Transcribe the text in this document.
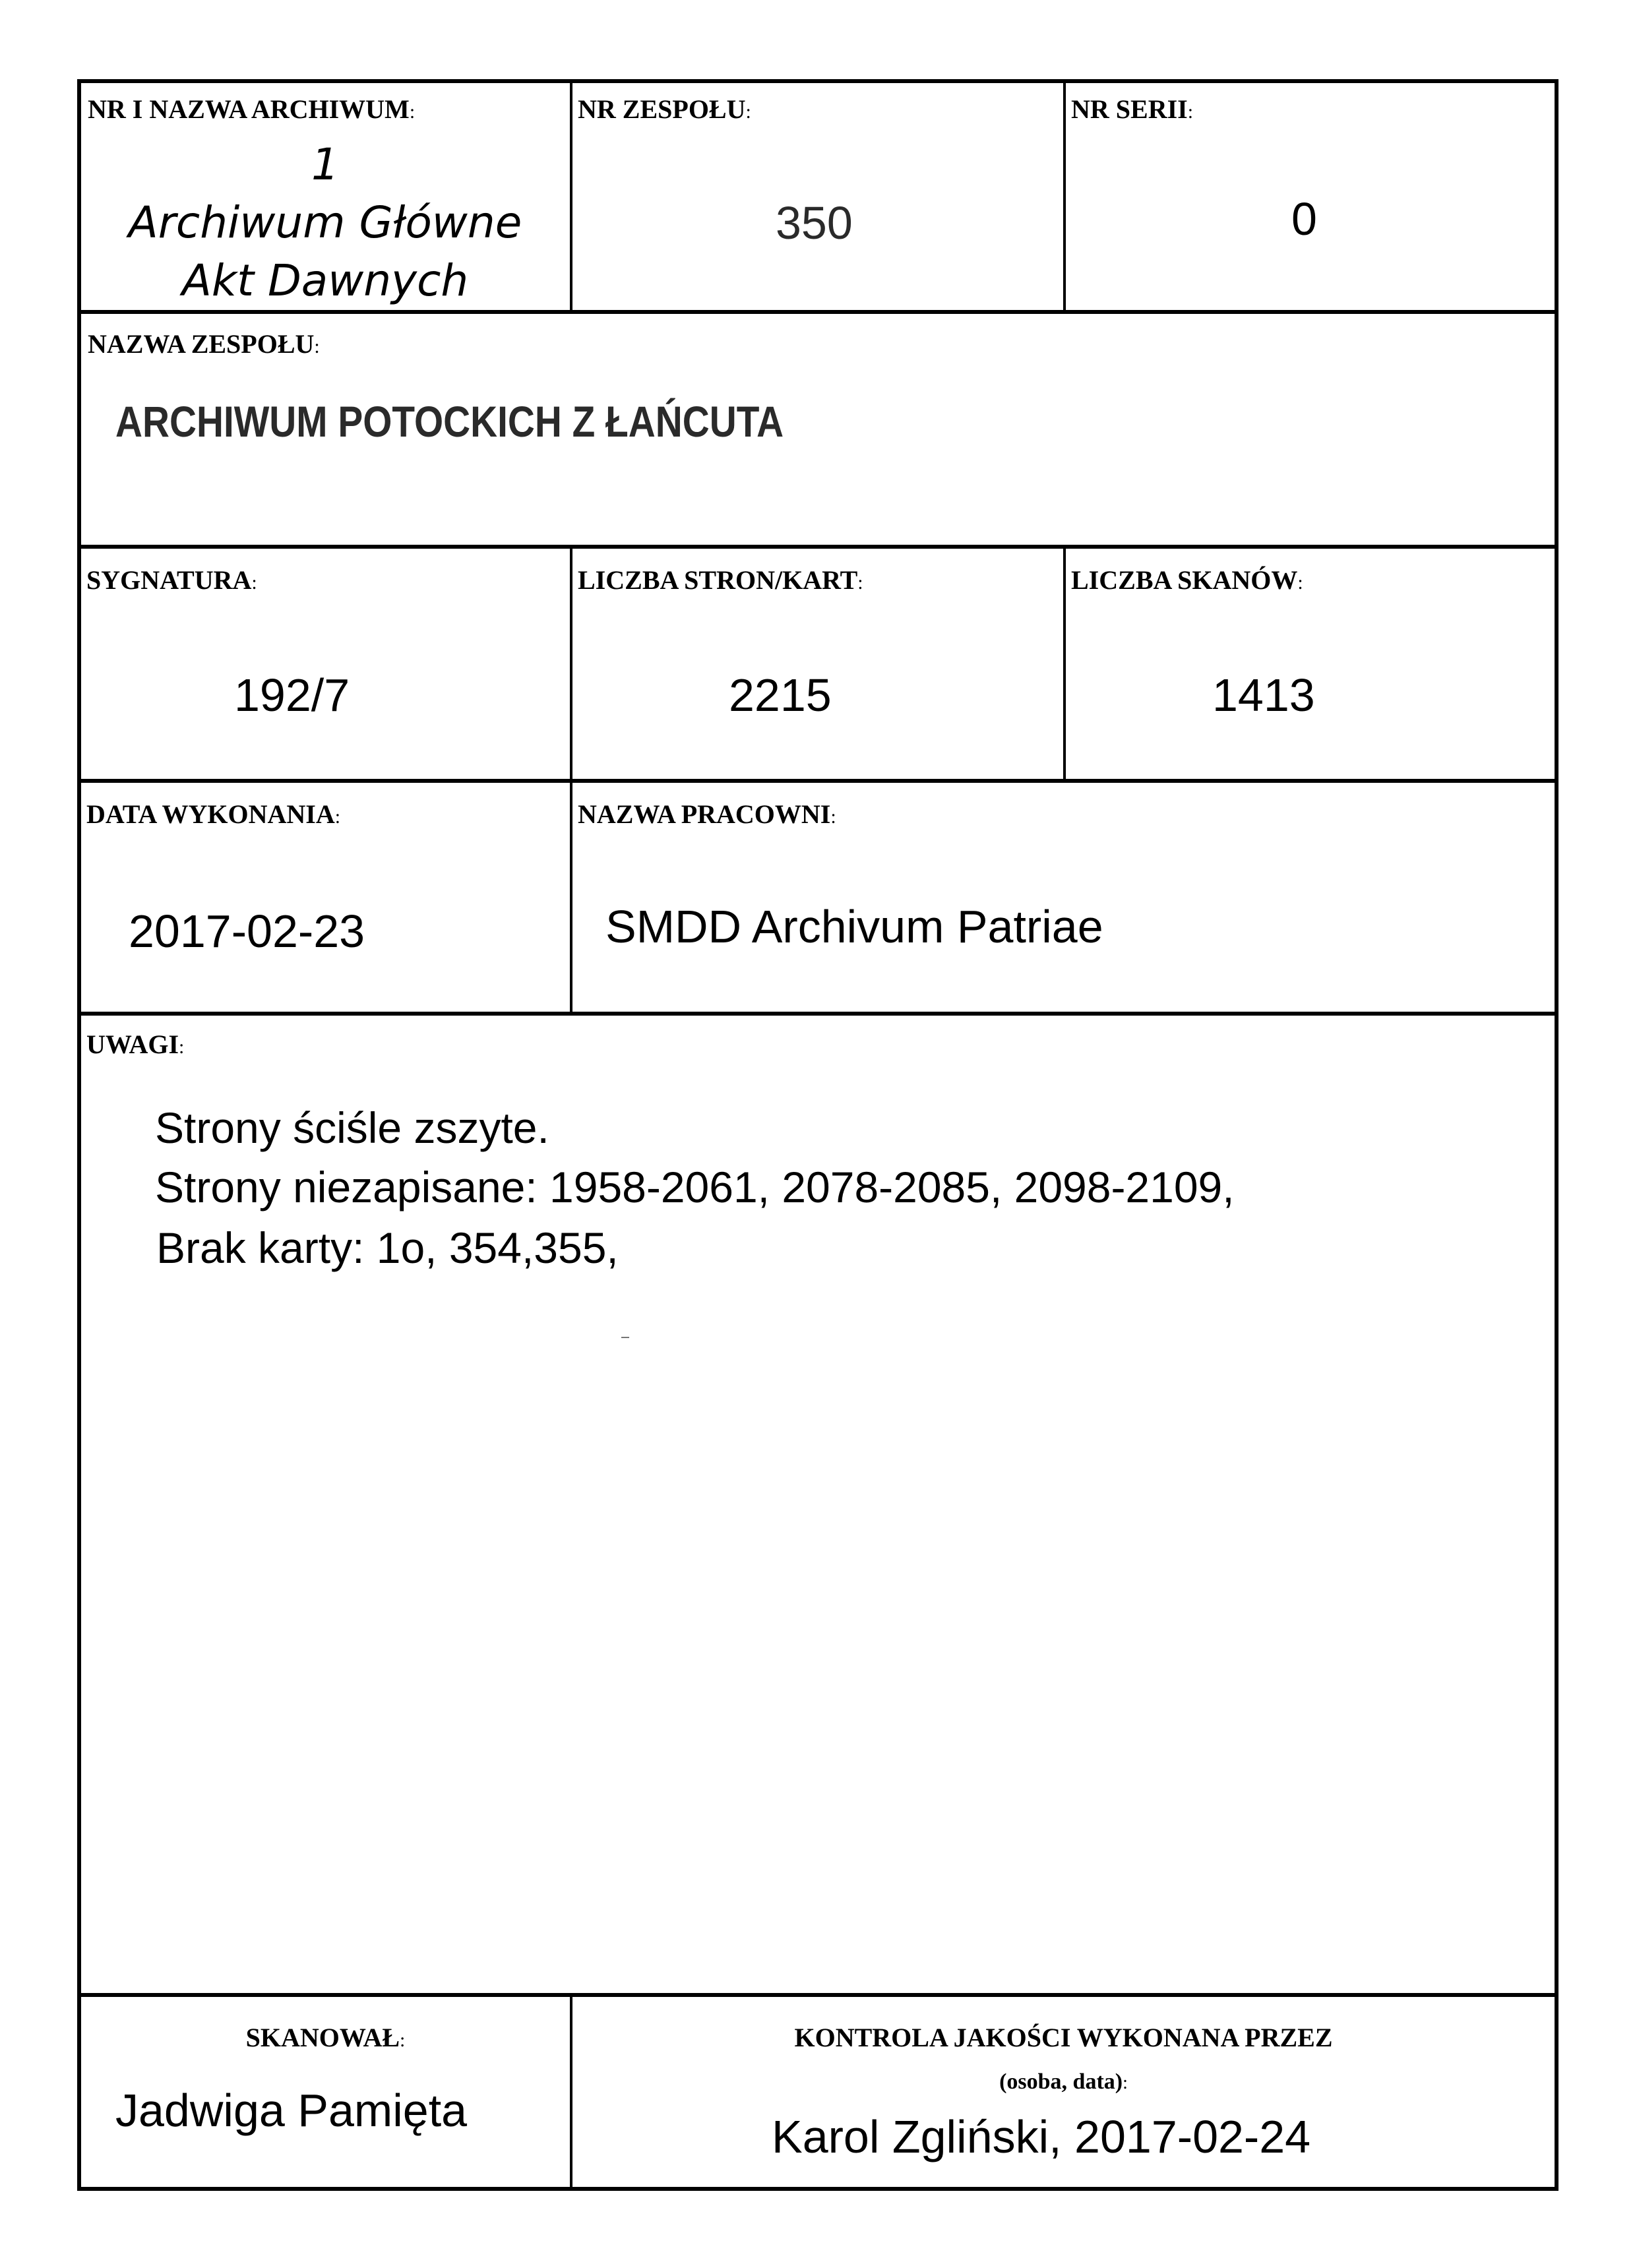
NR I NAZWA ARCHIWUM:
1
Archiwum Główne
Akt Dawnych
NR ZESPOŁU:
350
NR SERII:
0
NAZWA ZESPOŁU:
ARCHIWUM POTOCKICH Z ŁAŃCUTA
SYGNATURA:
192/7
LICZBA STRON/KART:
2215
LICZBA SKANÓW:
1413
DATA WYKONANIA:
2017-02-23
NAZWA PRACOWNI:
SMDD Archivum Patriae
UWAGI:
Strony ściśle zszyte.
Strony niezapisane: 1958-2061, 2078-2085, 2098-2109,
Brak karty: 1o, 354,355,
SKANOWAŁ:
Jadwiga Pamięta
KONTROLA JAKOŚCI WYKONANA PRZEZ
(osoba, data):
Karol Zgliński, 2017-02-24
